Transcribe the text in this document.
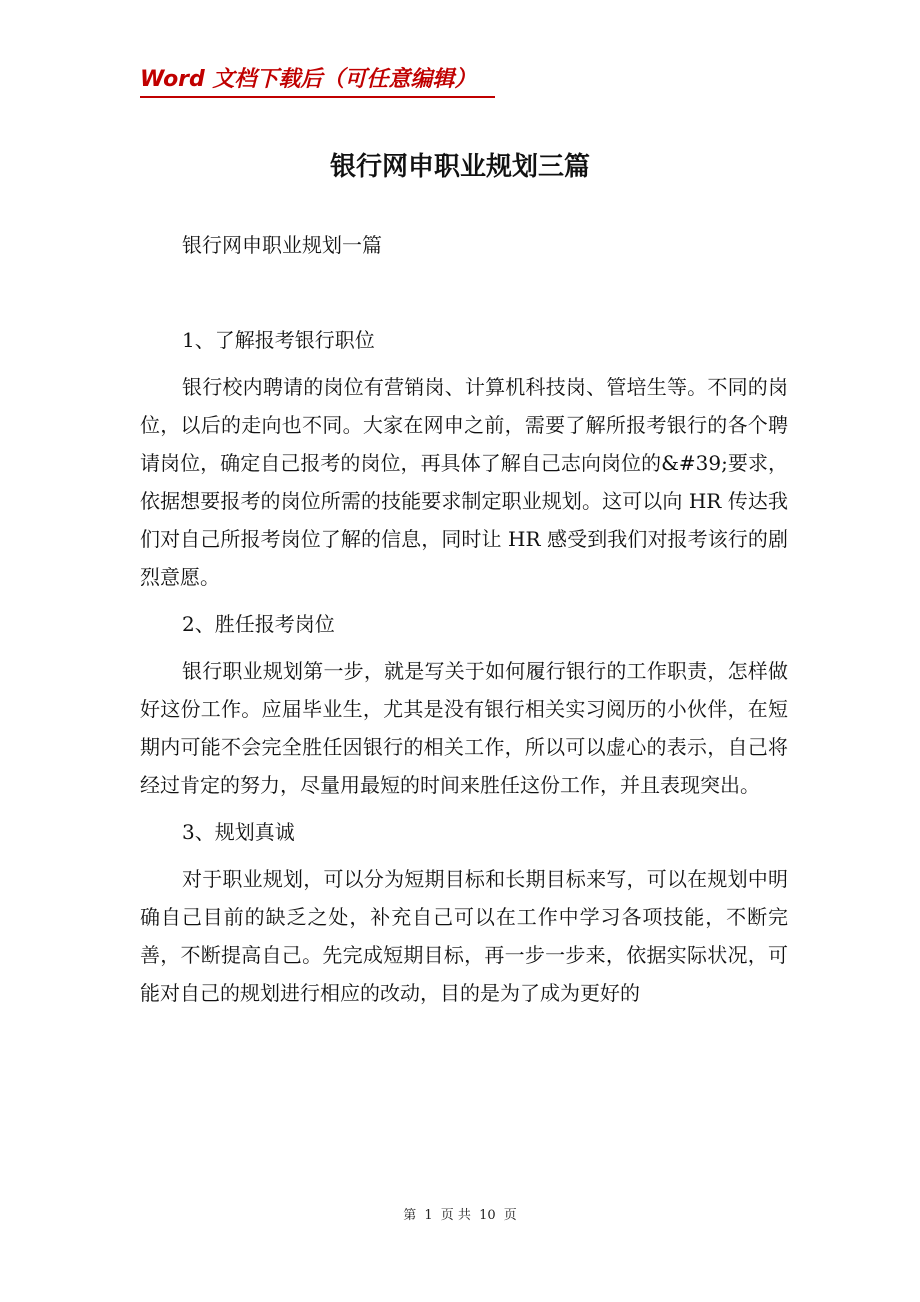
Word 文档下载后（可任意编辑）
银行网申职业规划三篇

银行网申职业规划一篇

1、了解报考银行职位

银行校内聘请的岗位有营销岗、计算机科技岗、管培生等。不同的岗位，以后的走向也不同。大家在网申之前，需要了解所报考银行的各个聘请岗位，确定自己报考的岗位，再具体了解自己志向岗位的&#39;要求，依据想要报考的岗位所需的技能要求制定职业规划。这可以向 HR 传达我们对自己所报考岗位了解的信息，同时让 HR 感受到我们对报考该行的剧烈意愿。

2、胜任报考岗位

银行职业规划第一步，就是写关于如何履行银行的工作职责，怎样做好这份工作。应届毕业生，尤其是没有银行相关实习阅历的小伙伴，在短期内可能不会完全胜任因银行的相关工作，所以可以虚心的表示，自己将经过肯定的努力，尽量用最短的时间来胜任这份工作，并且表现突出。

3、规划真诚

对于职业规划，可以分为短期目标和长期目标来写，可以在规划中明确自己目前的缺乏之处，补充自己可以在工作中学习各项技能，不断完善，不断提高自己。先完成短期目标，再一步一步来，依据实际状况，可能对自己的规划进行相应的改动，目的是为了成为更好的

第 1 页 共 10 页
